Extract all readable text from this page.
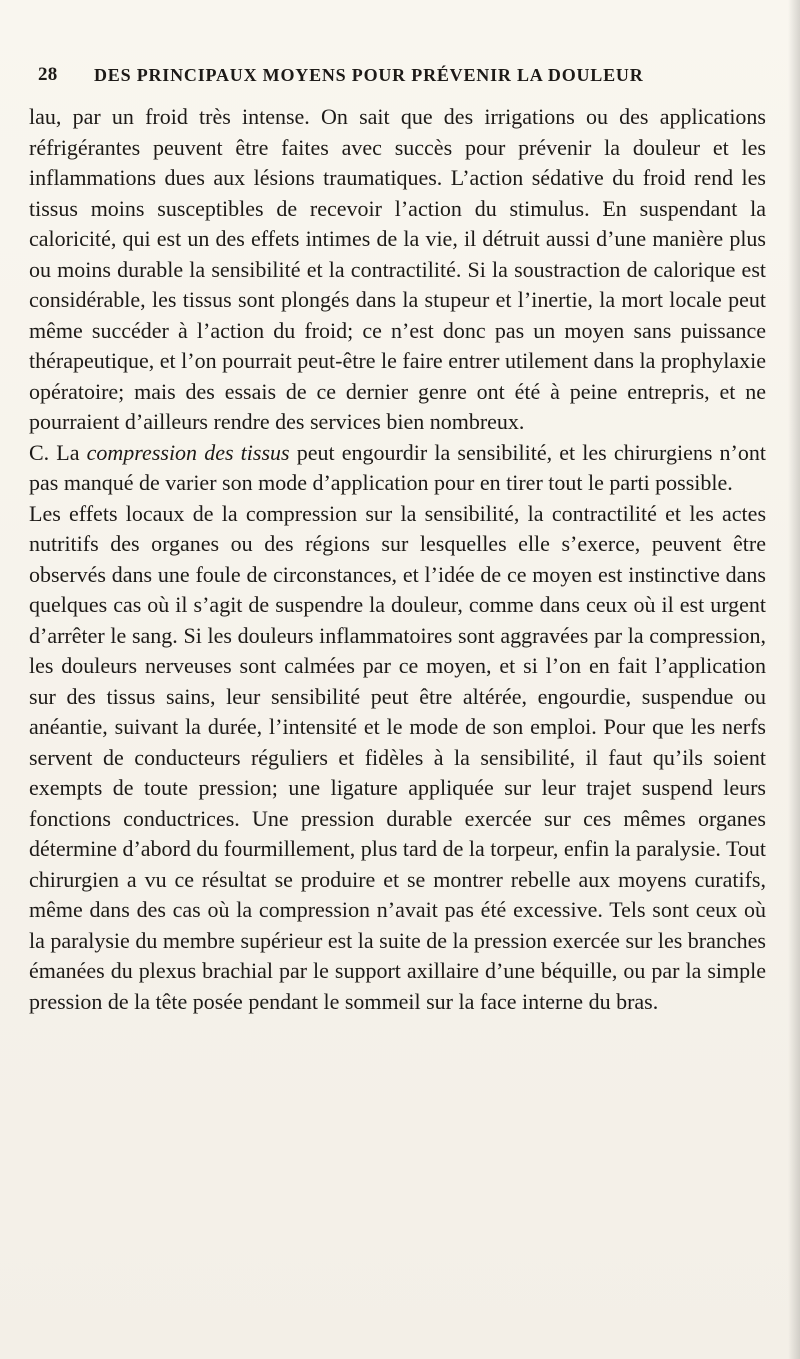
28 DES PRINCIPAUX MOYENS POUR PRÉVENIR LA DOULEUR

lau, par un froid très intense. On sait que des irrigations ou des applications réfrigérantes peuvent être faites avec succès pour prévenir la douleur et les inflammations dues aux lésions traumatiques. L’action sédative du froid rend les tissus moins susceptibles de recevoir l’action du stimulus. En suspendant la caloricité, qui est un des effets intimes de la vie, il détruit aussi d’une manière plus ou moins durable la sensibilité et la contractilité. Si la soustraction de calorique est considérable, les tissus sont plongés dans la stupeur et l’inertie, la mort locale peut même succéder à l’action du froid; ce n’est donc pas un moyen sans puissance thérapeutique, et l’on pourrait peut-être le faire entrer utilement dans la prophylaxie opératoire; mais des essais de ce dernier genre ont été à peine entrepris, et ne pourraient d’ailleurs rendre des services bien nombreux.

C. La compression des tissus peut engourdir la sensibilité, et les chirurgiens n’ont pas manqué de varier son mode d’application pour en tirer tout le parti possible.

Les effets locaux de la compression sur la sensibilité, la contractilité et les actes nutritifs des organes ou des régions sur lesquelles elle s’exerce, peuvent être observés dans une foule de circonstances, et l’idée de ce moyen est instinctive dans quelques cas où il s’agit de suspendre la douleur, comme dans ceux où il est urgent d’arrêter le sang. Si les douleurs inflammatoires sont aggravées par la compression, les douleurs nerveuses sont calmées par ce moyen, et si l’on en fait l’application sur des tissus sains, leur sensibilité peut être altérée, engourdie, suspendue ou anéantie, suivant la durée, l’intensité et le mode de son emploi. Pour que les nerfs servent de conducteurs réguliers et fidèles à la sensibilité, il faut qu’ils soient exempts de toute pression; une ligature appliquée sur leur trajet suspend leurs fonctions conductrices. Une pression durable exercée sur ces mêmes organes détermine d’abord du fourmillement, plus tard de la torpeur, enfin la paralysie. Tout chirurgien a vu ce résultat se produire et se montrer rebelle aux moyens curatifs, même dans des cas où la compression n’avait pas été excessive. Tels sont ceux où la paralysie du membre supérieur est la suite de la pression exercée sur les branches émanées du plexus brachial par le support axillaire d’une béquille, ou par la simple pression de la tête posée pendant le sommeil sur la face interne du bras.
